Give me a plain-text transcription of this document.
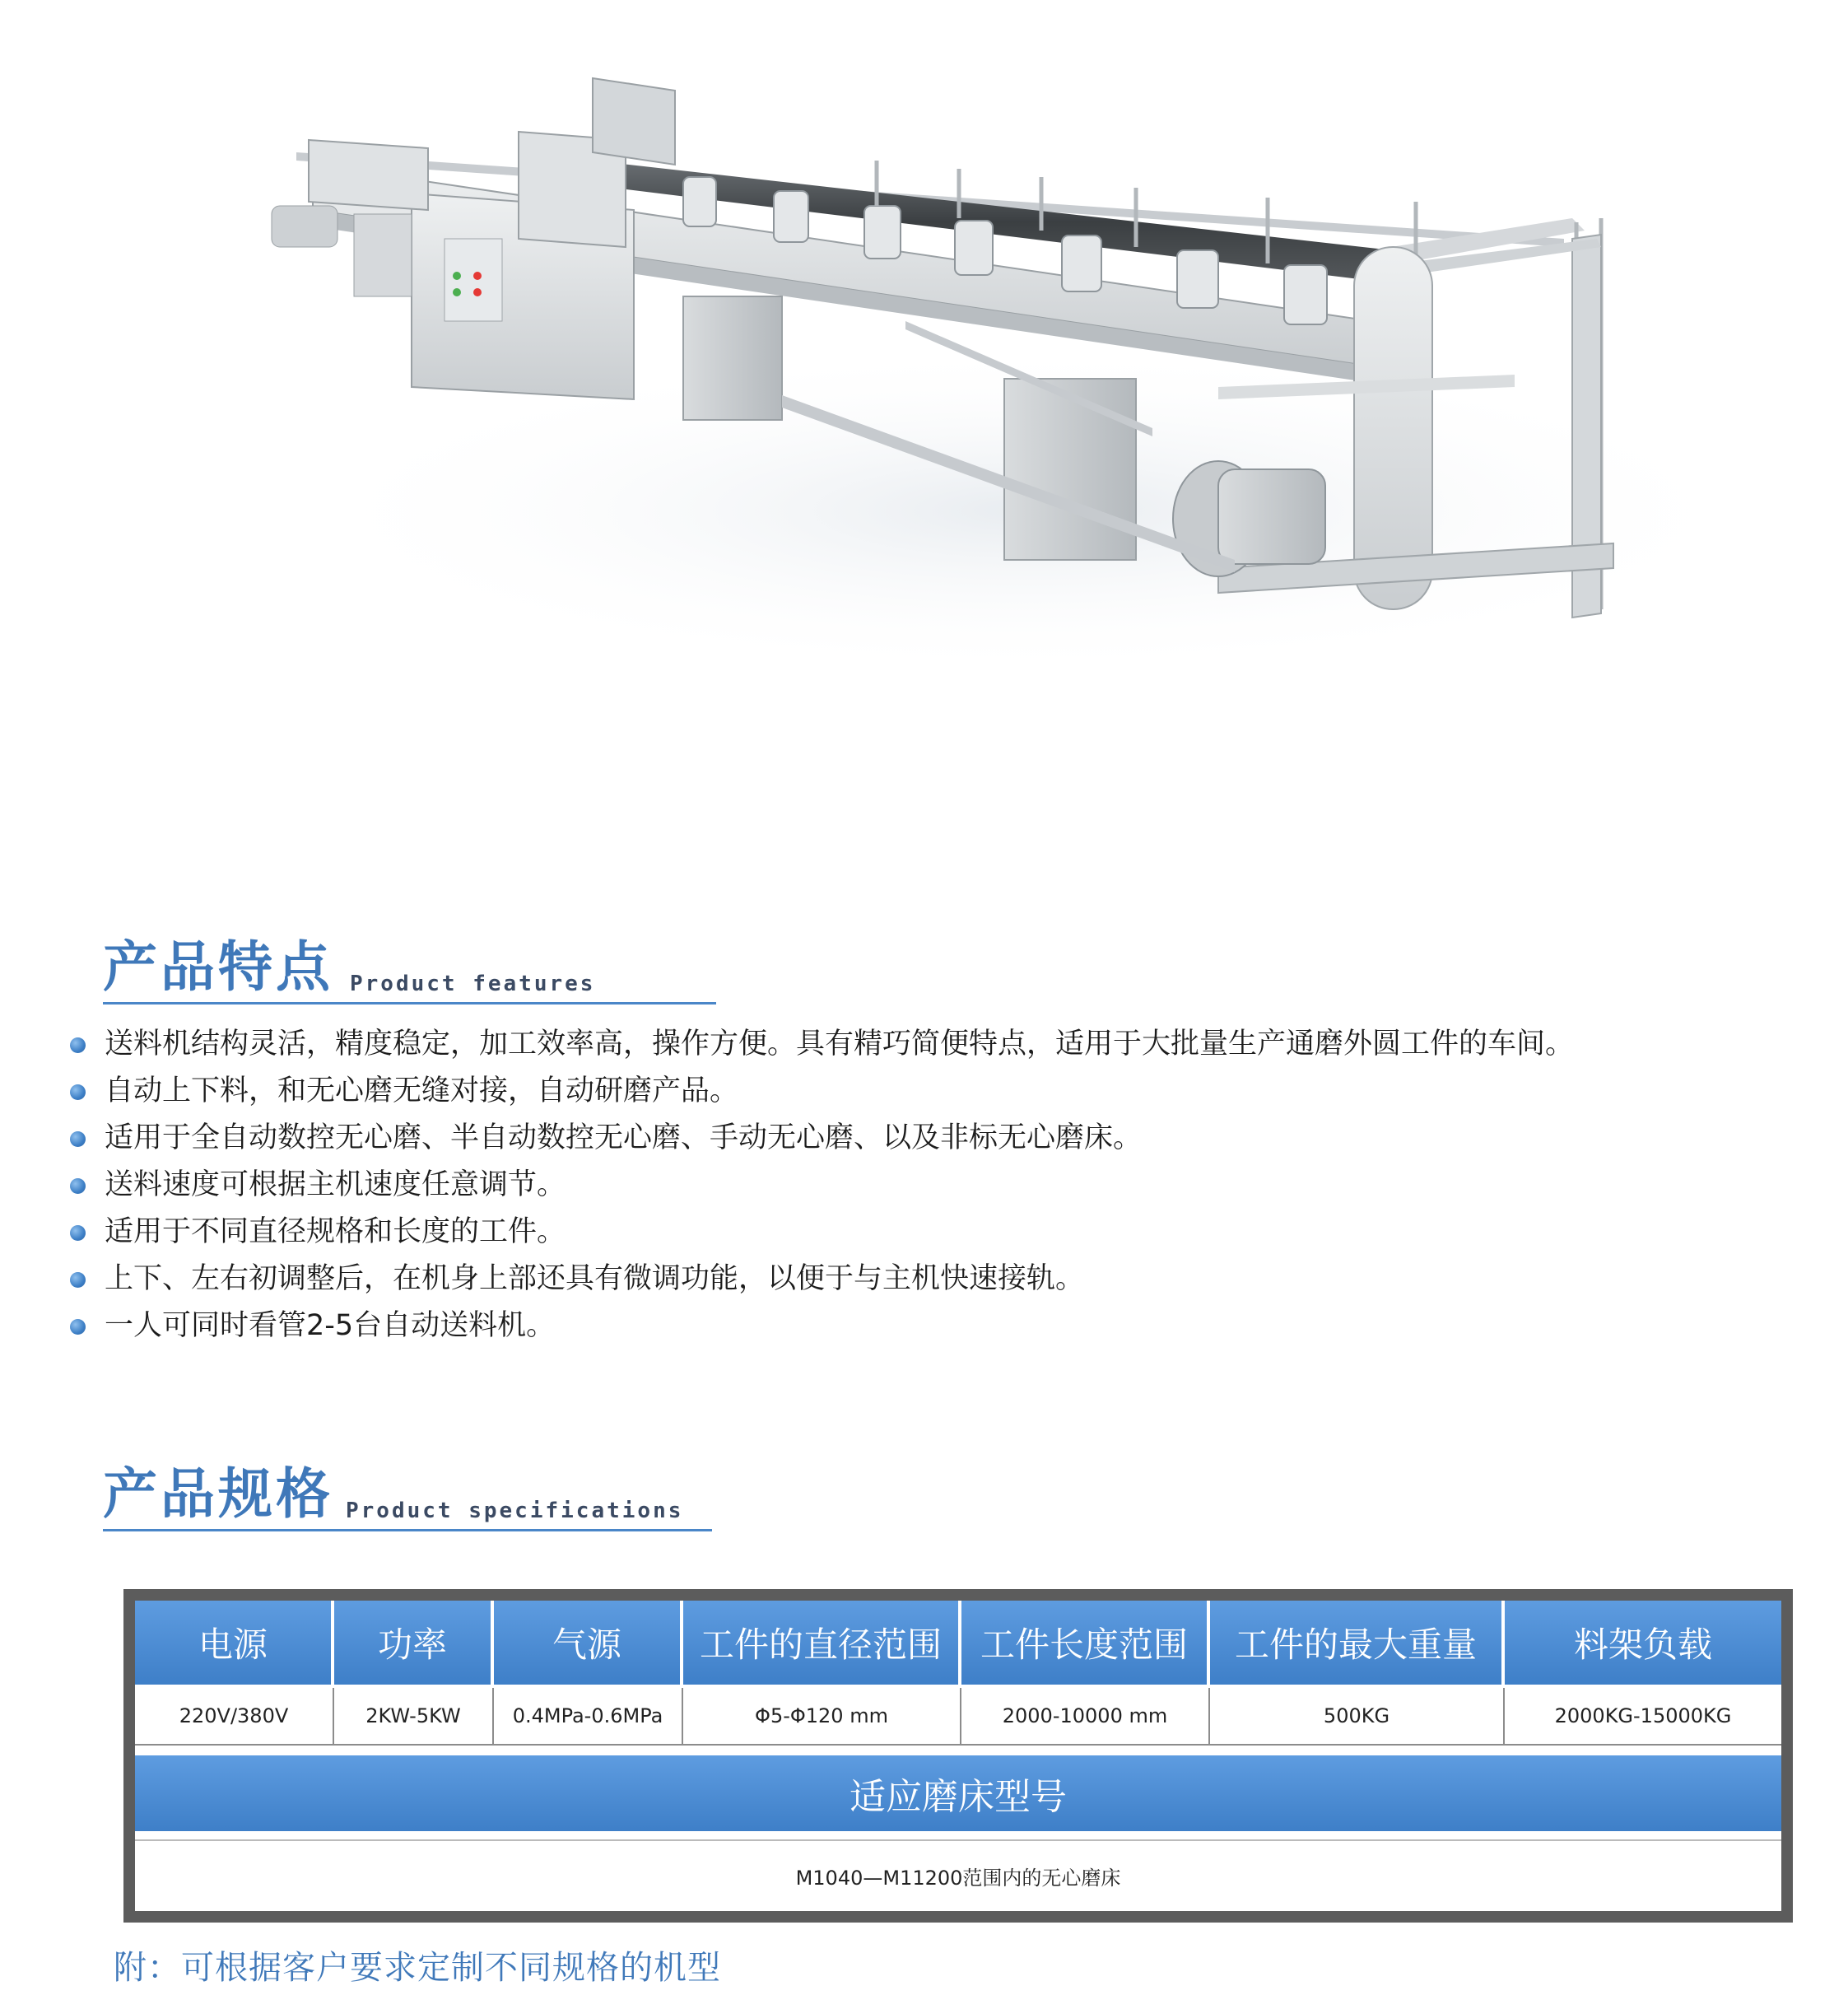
产品特点 Product features
送料机结构灵活，精度稳定，加工效率高，操作方便。具有精巧简便特点，适用于大批量生产通磨外圆工件的车间。
自动上下料，和无心磨无缝对接，自动研磨产品。
适用于全自动数控无心磨、半自动数控无心磨、手动无心磨、以及非标无心磨床。
送料速度可根据主机速度任意调节。
适用于不同直径规格和长度的工件。
上下、左右初调整后，在机身上部还具有微调功能，以便于与主机快速接轨。
一人可同时看管2-5台自动送料机。
产品规格 Product specifications
电源	功率	气源	工件的直径范围	工件长度范围	工件的最大重量	料架负载
220V/380V	2KW-5KW	0.4MPa-0.6MPa	Φ5-Φ120 mm	2000-10000 mm	500KG	2000KG-15000KG
适应磨床型号
M1040—M11200范围内的无心磨床
附：可根据客户要求定制不同规格的机型
